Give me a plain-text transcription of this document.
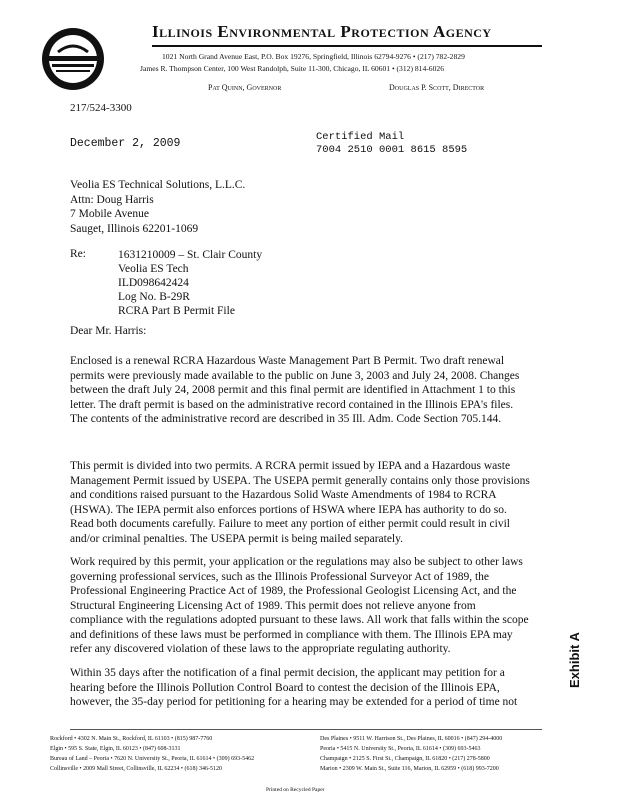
Illinois Environmental Protection Agency
1021 North Grand Avenue East, P.O. Box 19276, Springfield, Illinois 62794-9276 • (217) 782-2829
James R. Thompson Center, 100 West Randolph, Suite 11-300, Chicago, IL 60601 • (312) 814-6026
Pat Quinn, Governor	Douglas P. Scott, Director
217/524-3300
December 2, 2009	Certified Mail
7004 2510 0001 8615 8595
Veolia ES Technical Solutions, L.L.C.
Attn: Doug Harris
7 Mobile Avenue
Sauget, Illinois 62201-1069
Re:	1631210009 – St. Clair County
Veolia ES Tech
ILD098642424
Log No. B-29R
RCRA Part B Permit File
Dear Mr. Harris:

Enclosed is a renewal RCRA Hazardous Waste Management Part B Permit. Two draft renewal permits were previously made available to the public on June 3, 2003 and July 24, 2008. Changes between the draft July 24, 2008 permit and this final permit are identified in Attachment 1 to this letter. The draft permit is based on the administrative record contained in the Illinois EPA's files. The contents of the administrative record are described in 35 Ill. Adm. Code Section 705.144.

This permit is divided into two permits. A RCRA permit issued by IEPA and a Hazardous waste Management Permit issued by USEPA. The USEPA permit generally contains only those provisions and conditions raised pursuant to the Hazardous Solid Waste Amendments of 1984 to RCRA (HSWA). The IEPA permit also enforces portions of HSWA where IEPA has authority to do so. Read both documents carefully. Failure to meet any portion of either permit could result in civil and/or criminal penalties. The USEPA permit is being mailed separately.

Work required by this permit, your application or the regulations may also be subject to other laws governing professional services, such as the Illinois Professional Surveyor Act of 1989, the Professional Engineering Practice Act of 1989, the Professional Geologist Licensing Act, and the Structural Engineering Licensing Act of 1989. This permit does not relieve anyone from compliance with the regulations adopted pursuant to these laws. All work that falls within the scope and definitions of these laws must be performed in compliance with them. The Illinois EPA may refer any discovered violation of these laws to the appropriate regulating authority.

Within 35 days after the notification of a final permit decision, the applicant may petition for a hearing before the Illinois Pollution Control Board to contest the decision of the Illinois EPA, however, the 35-day period for petitioning for a hearing may be extended for a period of time not

Exhibit A
Rockford • 4302 N. Main St., Rockford, IL 61103 • (815) 987-7760
Elgin • 595 S. State, Elgin, IL 60123 • (847) 608-3131
Bureau of Land – Peoria • 7620 N. University St., Peoria, IL 61614 • (309) 693-5462
Collinsville • 2009 Mall Street, Collinsville, IL 62234 • (618) 346-5120
Des Plaines • 9511 W. Harrison St., Des Plaines, IL 60016 • (847) 294-4000
Peoria • 5415 N. University St., Peoria, IL 61614 • (309) 693-5463
Champaign • 2125 S. First St., Champaign, IL 61820 • (217) 278-5800
Marion • 2309 W. Main St., Suite 116, Marion, IL 62959 • (618) 993-7200
Printed on Recycled Paper
